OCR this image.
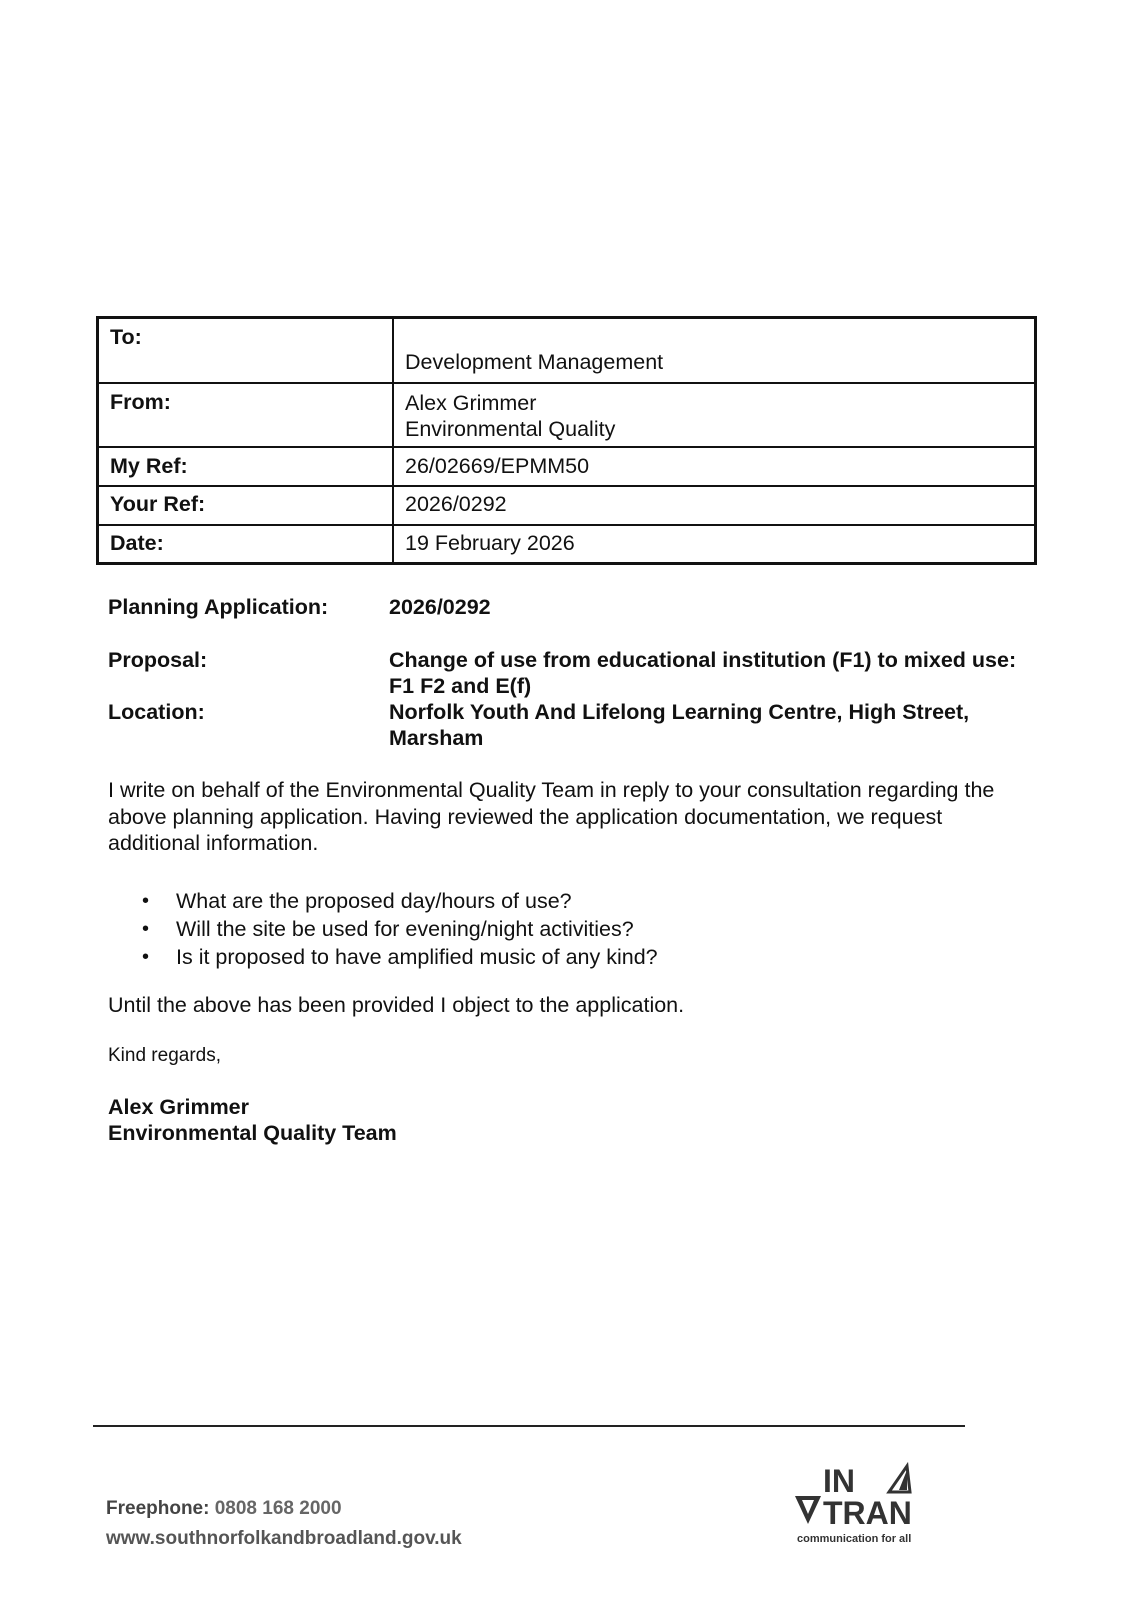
To:	Development Management

From:	Alex Grimmer
Environmental Quality

My Ref:	26/02669/EPMM50

Your Ref:	2026/0292

Date:	19 February 2026
Planning Application:	2026/0292
Proposal:	Change of use from educational institution (F1) to mixed use: F1 F2 and E(f)
Location:	Norfolk Youth And Lifelong Learning Centre, High Street, Marsham
I write on behalf of the Environmental Quality Team in reply to your consultation regarding the above planning application. Having reviewed the application documentation, we request additional information.
• What are the proposed day/hours of use?
• Will the site be used for evening/night activities?
• Is it proposed to have amplified music of any kind?
Until the above has been provided I object to the application.
Kind regards,
Alex Grimmer
Environmental Quality Team
Freephone: 0808 168 2000
www.southnorfolkandbroadland.gov.uk
IN
TRAN
communication for all
